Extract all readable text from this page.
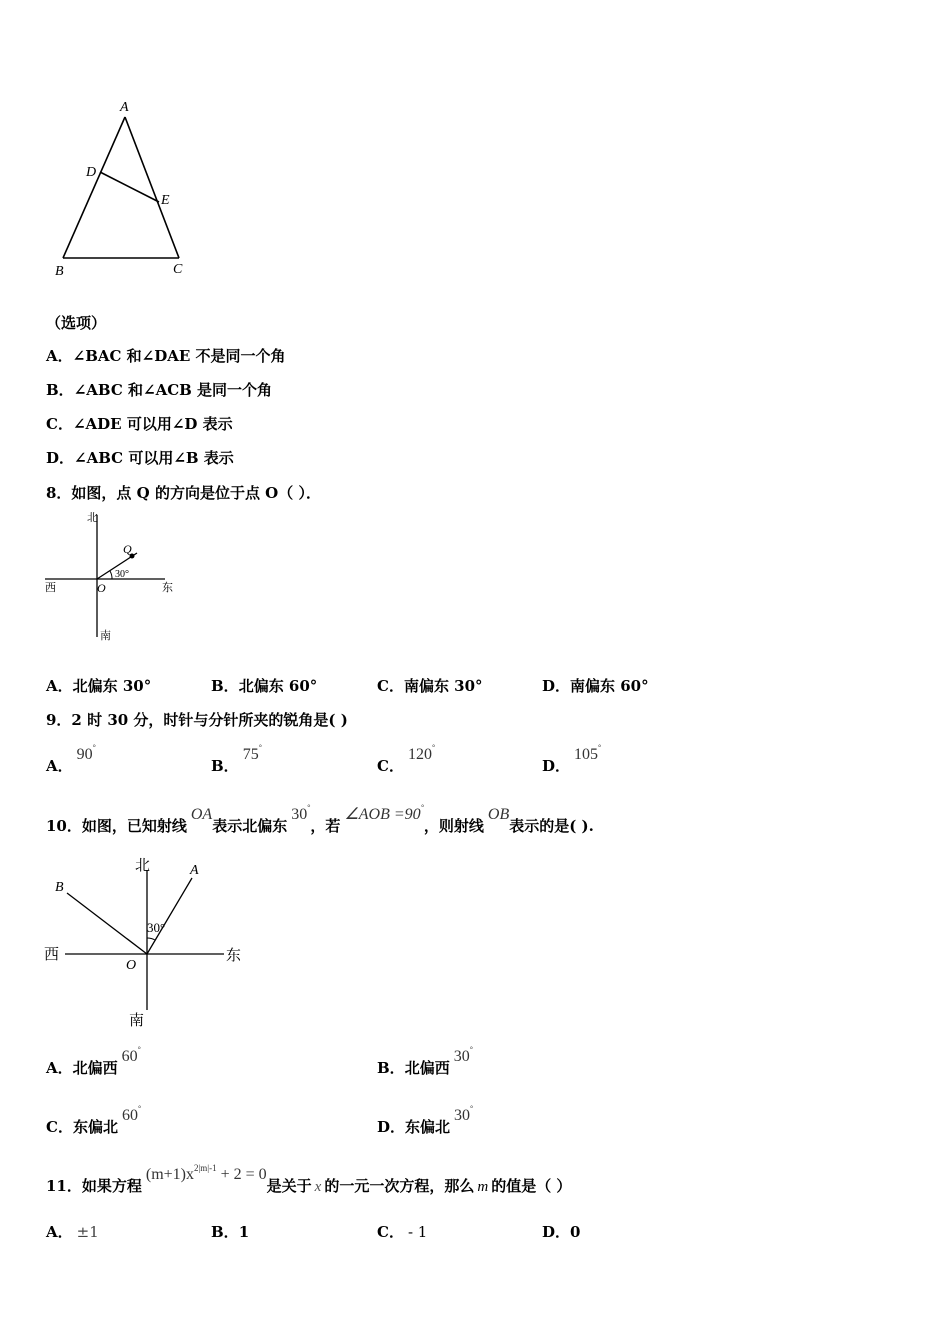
A
D
E
B	C
（选项）
A．∠BAC 和∠DAE 不是同一个角
B．∠ABC 和∠ACB 是同一个角
C．∠ADE 可以用∠D 表示
D．∠ABC 可以用∠B 表示
8．如图，点 Q 的方向是位于点 O（ ）．
北
西	东
南
O
Q
30°
A．北偏东 30°	B．北偏东 60°	C．南偏东 30°	D．南偏东 60°
9．2 时 30 分，时针与分针所夹的锐角是( )
A．90°
B．75°
C．120°
D．105°
10．如图，已知射线OA表示北偏东30°，若∠AOB =90°，则射线OB表示的是( ).
北	A
B
30°
西
O
东
南
A．北偏西60°
B．北偏西30°
C．东偏北60°
D．东偏北30°
11．如果方程$(m+1)x^{2|m|-1} + 2 = 0$是关于 x 的一元一次方程，那么 m 的值是（ ）
A． ±1	B．1	C． - 1	D．0
